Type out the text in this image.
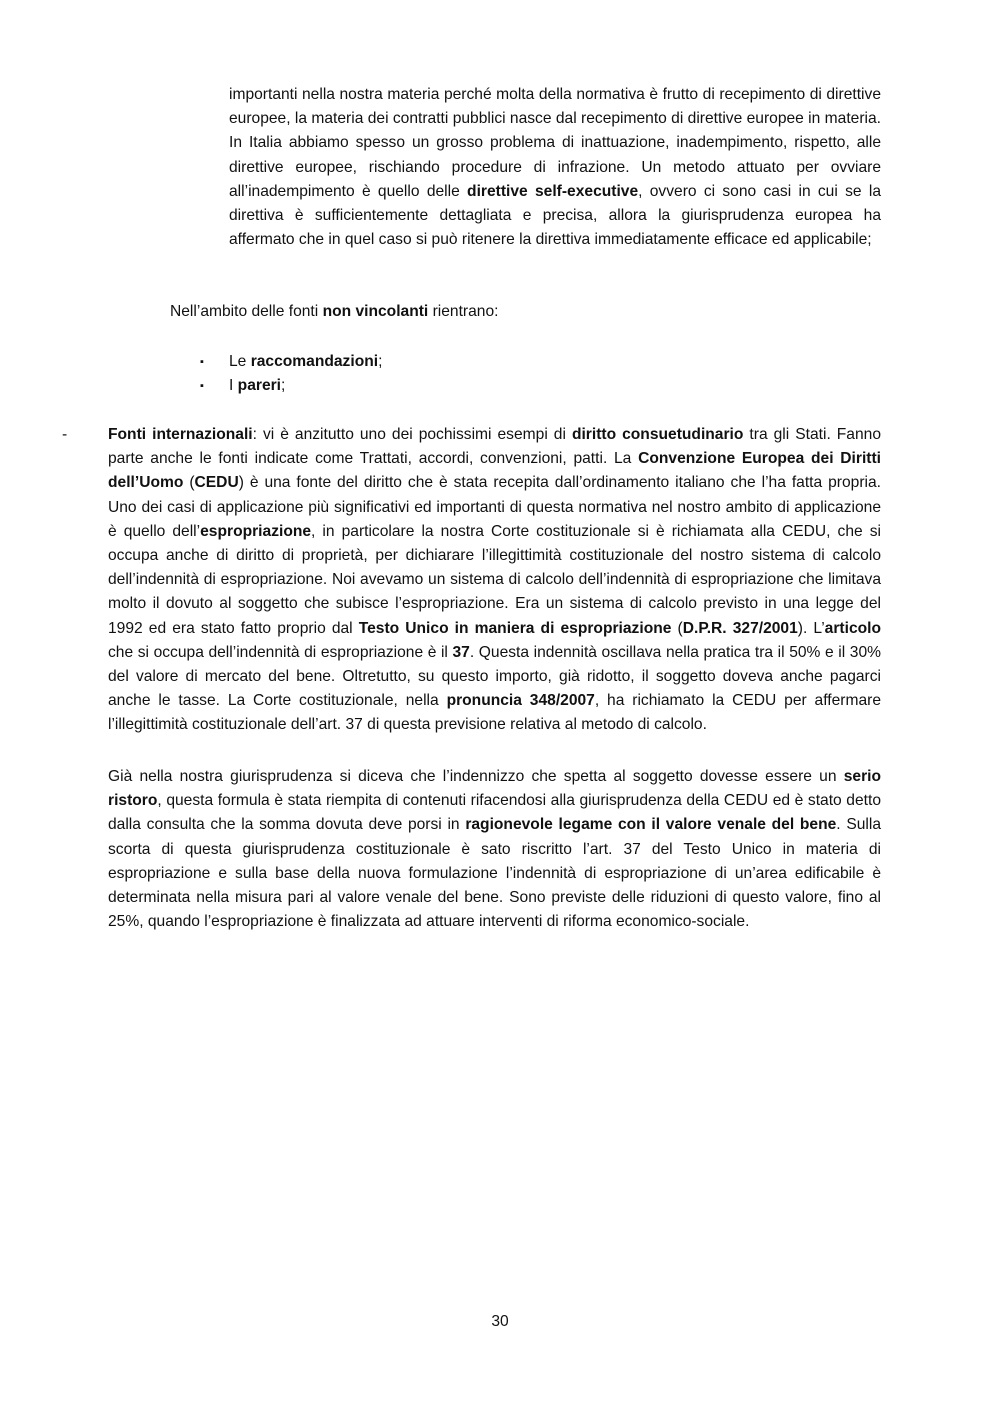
importanti nella nostra materia perché molta della normativa è frutto di recepimento di direttive europee, la materia dei contratti pubblici nasce dal recepimento di direttive europee in materia. In Italia abbiamo spesso un grosso problema di inattuazione, inadempimento, rispetto, alle direttive europee, rischiando procedure di infrazione. Un metodo attuato per ovviare all’inadempimento è quello delle direttive self-executive, ovvero ci sono casi in cui se la direttiva è sufficientemente dettagliata e precisa, allora la giurisprudenza europea ha affermato che in quel caso si può ritenere la direttiva immediatamente efficace ed applicabile;

Nell’ambito delle fonti non vincolanti rientrano:

▪ Le raccomandazioni;
▪ I pareri;
-	Fonti internazionali: vi è anzitutto uno dei pochissimi esempi di diritto consuetudinario tra gli Stati. Fanno parte anche le fonti indicate come Trattati, accordi, convenzioni, patti. La Convenzione Europea dei Diritti dell’Uomo (CEDU) è una fonte del diritto che è stata recepita dall’ordinamento italiano che l’ha fatta propria. Uno dei casi di applicazione più significativi ed importanti di questa normativa nel nostro ambito di applicazione è quello dell’espropriazione, in particolare la nostra Corte costituzionale si è richiamata alla CEDU, che si occupa anche di diritto di proprietà, per dichiarare l’illegittimità costituzionale del nostro sistema di calcolo dell’indennità di espropriazione. Noi avevamo un sistema di calcolo dell’indennità di espropriazione che limitava molto il dovuto al soggetto che subisce l’espropriazione. Era un sistema di calcolo previsto in una legge del 1992 ed era stato fatto proprio dal Testo Unico in maniera di espropriazione (D.P.R. 327/2001). L’articolo che si occupa dell’indennità di espropriazione è il 37. Questa indennità oscillava nella pratica tra il 50% e il 30% del valore di mercato del bene. Oltretutto, su questo importo, già ridotto, il soggetto doveva anche pagarci anche le tasse. La Corte costituzionale, nella pronuncia 348/2007, ha richiamato la CEDU per affermare l’illegittimità costituzionale dell’art. 37 di questa previsione relativa al metodo di calcolo.

Già nella nostra giurisprudenza si diceva che l’indennizzo che spetta al soggetto dovesse essere un serio ristoro, questa formula è stata riempita di contenuti rifacendosi alla giurisprudenza della CEDU ed è stato detto dalla consulta che la somma dovuta deve porsi in ragionevole legame con il valore venale del bene. Sulla scorta di questa giurisprudenza costituzionale è sato riscritto l’art. 37 del Testo Unico in materia di espropriazione e sulla base della nuova formulazione l’indennità di espropriazione di un’area edificabile è determinata nella misura pari al valore venale del bene. Sono previste delle riduzioni di questo valore, fino al 25%, quando l’espropriazione è finalizzata ad attuare interventi di riforma economico-sociale.

30
